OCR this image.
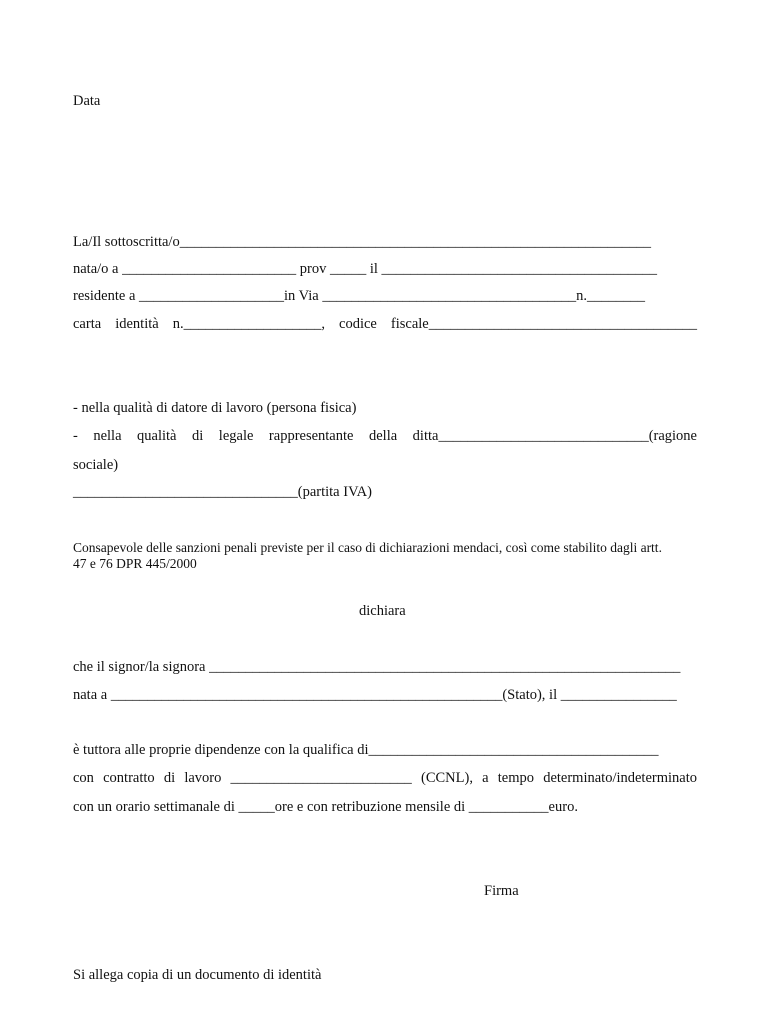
Data

La/Il sottoscritta/o_________________________________________________________________

nata/o a ________________________ prov _____ il ______________________________________

residente a ____________________in Via ___________________________________n.________

carta identità n.___________________, codice fiscale_____________________________________

- nella qualità di datore di lavoro (persona fisica)

- nella qualità di legale rappresentante della ditta_____________________________(ragione

sociale)

_______________________________(partita IVA)

Consapevole delle sanzioni penali previste per il caso di dichiarazioni mendaci, così come stabilito dagli artt.

47 e 76 DPR 445/2000

dichiara

che il signor/la signora _________________________________________________________________

nata a ______________________________________________________(Stato), il ________________

è tuttora alle proprie dipendenze con la qualifica di________________________________________

con contratto di lavoro _________________________ (CCNL), a tempo determinato/indeterminato

con un orario settimanale di _____ore e con retribuzione mensile di ___________euro.

Firma

Si allega copia di un documento di identità
